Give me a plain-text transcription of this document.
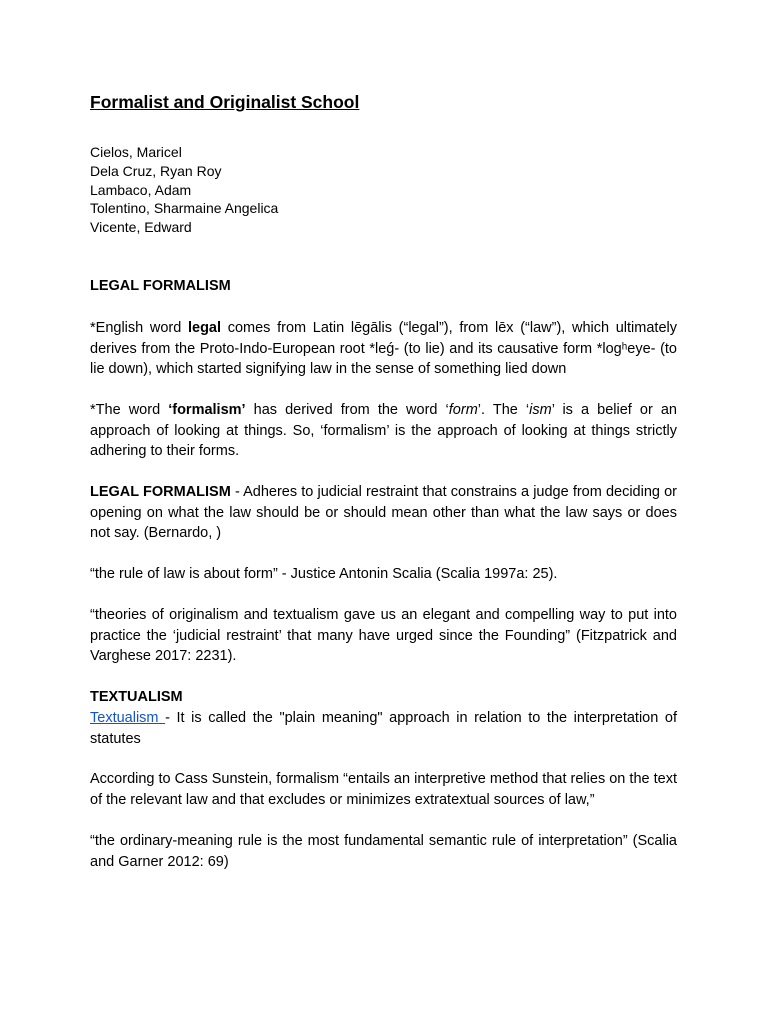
Formalist and Originalist School
Cielos, Maricel
Dela Cruz, Ryan Roy
Lambaco, Adam
Tolentino, Sharmaine Angelica
Vicente, Edward

LEGAL FORMALISM

*English word legal comes from Latin lēgālis (“legal”), from lēx (“law”), which ultimately derives from the Proto-Indo-European root *leǵ- (to lie) and its causative form *logʰeye- (to lie down), which started signifying law in the sense of something lied down

*The word ‘formalism’ has derived from the word ‘form’. The ‘ism’ is a belief or an approach of looking at things. So, ‘formalism’ is the approach of looking at things strictly adhering to their forms.

LEGAL FORMALISM - Adheres to judicial restraint that constrains a judge from deciding or opening on what the law should be or should mean other than what the law says or does not say. (Bernardo, )

“the rule of law is about form” - Justice Antonin Scalia (Scalia 1997a: 25).

“theories of originalism and textualism gave us an elegant and compelling way to put into practice the ‘judicial restraint’ that many have urged since the Founding” (Fitzpatrick and Varghese 2017: 2231).

TEXTUALISM

Textualism - It is called the "plain meaning" approach in relation to the interpretation of statutes

According to Cass Sunstein, formalism “entails an interpretive method that relies on the text of the relevant law and that excludes or minimizes extratextual sources of law,”

“the ordinary-meaning rule is the most fundamental semantic rule of interpretation” (Scalia and Garner 2012: 69)
